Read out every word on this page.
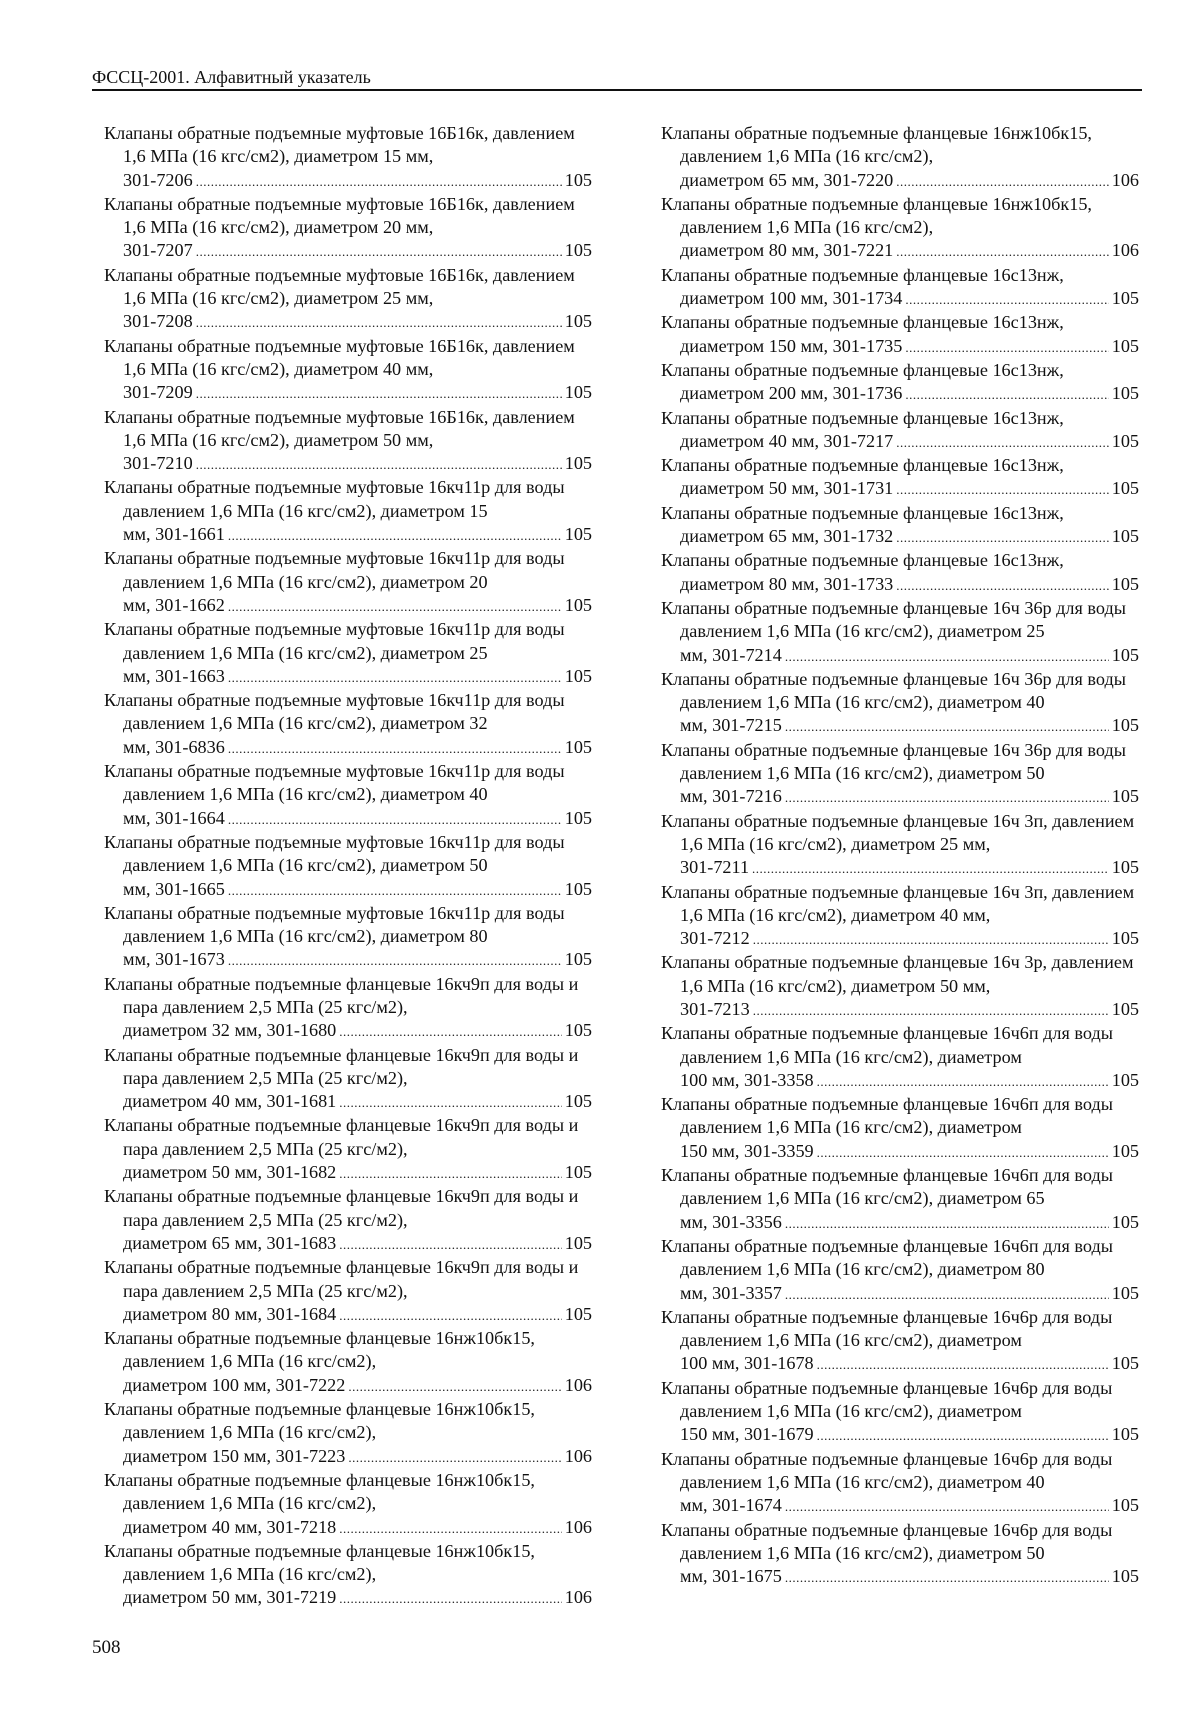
ФССЦ-2001. Алфавитный указатель
Клапаны обратные подъемные муфтовые 16Б16к, давлением 1,6 МПа (16 кгс/см2), диаметром 15 мм,
301-7206 .....	105
Клапаны обратные подъемные муфтовые 16Б16к, давлением 1,6 МПа (16 кгс/см2), диаметром 20 мм,
301-7207 .....	105
Клапаны обратные подъемные муфтовые 16Б16к, давлением 1,6 МПа (16 кгс/см2), диаметром 25 мм,
301-7208 .....	105
Клапаны обратные подъемные муфтовые 16Б16к, давлением 1,6 МПа (16 кгс/см2), диаметром 40 мм,
301-7209 .....	105
Клапаны обратные подъемные муфтовые 16Б16к, давлением 1,6 МПа (16 кгс/см2), диаметром 50 мм,
301-7210 .....	105
Клапаны обратные подъемные муфтовые 16кч11р для воды давлением 1,6 МПа (16 кгс/см2), диаметром 15
мм, 301-1661 .....	105
Клапаны обратные подъемные муфтовые 16кч11р для воды давлением 1,6 МПа (16 кгс/см2), диаметром 20
мм, 301-1662 .....	105
Клапаны обратные подъемные муфтовые 16кч11р для воды давлением 1,6 МПа (16 кгс/см2), диаметром 25
мм, 301-1663 .....	105
Клапаны обратные подъемные муфтовые 16кч11р для воды давлением 1,6 МПа (16 кгс/см2), диаметром 32
мм, 301-6836 .....	105
Клапаны обратные подъемные муфтовые 16кч11р для воды давлением 1,6 МПа (16 кгс/см2), диаметром 40
мм, 301-1664 .....	105
Клапаны обратные подъемные муфтовые 16кч11р для воды давлением 1,6 МПа (16 кгс/см2), диаметром 50
мм, 301-1665 .....	105
Клапаны обратные подъемные муфтовые 16кч11р для воды давлением 1,6 МПа (16 кгс/см2), диаметром 80
мм, 301-1673 .....	105
Клапаны обратные подъемные фланцевые 16кч9п для воды и пара давлением 2,5 МПа (25 кгс/м2),
диаметром 32 мм, 301-1680 .....	105
Клапаны обратные подъемные фланцевые 16кч9п для воды и пара давлением 2,5 МПа (25 кгс/м2),
диаметром 40 мм, 301-1681 .....	105
Клапаны обратные подъемные фланцевые 16кч9п для воды и пара давлением 2,5 МПа (25 кгс/м2),
диаметром 50 мм, 301-1682 .....	105
Клапаны обратные подъемные фланцевые 16кч9п для воды и пара давлением 2,5 МПа (25 кгс/м2),
диаметром 65 мм, 301-1683 .....	105
Клапаны обратные подъемные фланцевые 16кч9п для воды и пара давлением 2,5 МПа (25 кгс/м2),
диаметром 80 мм, 301-1684 .....	105
Клапаны обратные подъемные фланцевые 16нж10бк15, давлением 1,6 МПа (16 кгс/см2),
диаметром 100 мм, 301-7222 .....	106
Клапаны обратные подъемные фланцевые 16нж10бк15, давлением 1,6 МПа (16 кгс/см2),
диаметром 150 мм, 301-7223 .....	106
Клапаны обратные подъемные фланцевые 16нж10бк15, давлением 1,6 МПа (16 кгс/см2),
диаметром 40 мм, 301-7218 .....	106
Клапаны обратные подъемные фланцевые 16нж10бк15, давлением 1,6 МПа (16 кгс/см2),
диаметром 50 мм, 301-7219 .....	106
Клапаны обратные подъемные фланцевые 16нж10бк15, давлением 1,6 МПа (16 кгс/см2),
диаметром 65 мм, 301-7220 .....	106
Клапаны обратные подъемные фланцевые 16нж10бк15, давлением 1,6 МПа (16 кгс/см2),
диаметром 80 мм, 301-7221 .....	106
Клапаны обратные подъемные фланцевые 16с13нж,
диаметром 100 мм, 301-1734 .....	105
Клапаны обратные подъемные фланцевые 16с13нж,
диаметром 150 мм, 301-1735 .....	105
Клапаны обратные подъемные фланцевые 16с13нж,
диаметром 200 мм, 301-1736 .....	105
Клапаны обратные подъемные фланцевые 16с13нж,
диаметром 40 мм, 301-7217 .....	105
Клапаны обратные подъемные фланцевые 16с13нж,
диаметром 50 мм, 301-1731 .....	105
Клапаны обратные подъемные фланцевые 16с13нж,
диаметром 65 мм, 301-1732 .....	105
Клапаны обратные подъемные фланцевые 16с13нж,
диаметром 80 мм, 301-1733 .....	105
Клапаны обратные подъемные фланцевые 16ч 36р для воды давлением 1,6 МПа (16 кгс/см2), диаметром 25
мм, 301-7214 .....	105
Клапаны обратные подъемные фланцевые 16ч 36р для воды давлением 1,6 МПа (16 кгс/см2), диаметром 40
мм, 301-7215 .....	105
Клапаны обратные подъемные фланцевые 16ч 36р для воды давлением 1,6 МПа (16 кгс/см2), диаметром 50
мм, 301-7216 .....	105
Клапаны обратные подъемные фланцевые 16ч 3п, давлением 1,6 МПа (16 кгс/см2), диаметром 25 мм,
301-7211 .....	105
Клапаны обратные подъемные фланцевые 16ч 3п, давлением 1,6 МПа (16 кгс/см2), диаметром 40 мм,
301-7212 .....	105
Клапаны обратные подъемные фланцевые 16ч 3р, давлением 1,6 МПа (16 кгс/см2), диаметром 50 мм,
301-7213 .....	105
Клапаны обратные подъемные фланцевые 16ч6п для воды давлением 1,6 МПа (16 кгс/см2), диаметром
100 мм, 301-3358 .....	105
Клапаны обратные подъемные фланцевые 16ч6п для воды давлением 1,6 МПа (16 кгс/см2), диаметром
150 мм, 301-3359 .....	105
Клапаны обратные подъемные фланцевые 16ч6п для воды давлением 1,6 МПа (16 кгс/см2), диаметром 65
мм, 301-3356 .....	105
Клапаны обратные подъемные фланцевые 16ч6п для воды давлением 1,6 МПа (16 кгс/см2), диаметром 80
мм, 301-3357 .....	105
Клапаны обратные подъемные фланцевые 16ч6р для воды давлением 1,6 МПа (16 кгс/см2), диаметром
100 мм, 301-1678 .....	105
Клапаны обратные подъемные фланцевые 16ч6р для воды давлением 1,6 МПа (16 кгс/см2), диаметром
150 мм, 301-1679 .....	105
Клапаны обратные подъемные фланцевые 16ч6р для воды давлением 1,6 МПа (16 кгс/см2), диаметром 40
мм, 301-1674 .....	105
Клапаны обратные подъемные фланцевые 16ч6р для воды давлением 1,6 МПа (16 кгс/см2), диаметром 50
мм, 301-1675 .....	105
508
